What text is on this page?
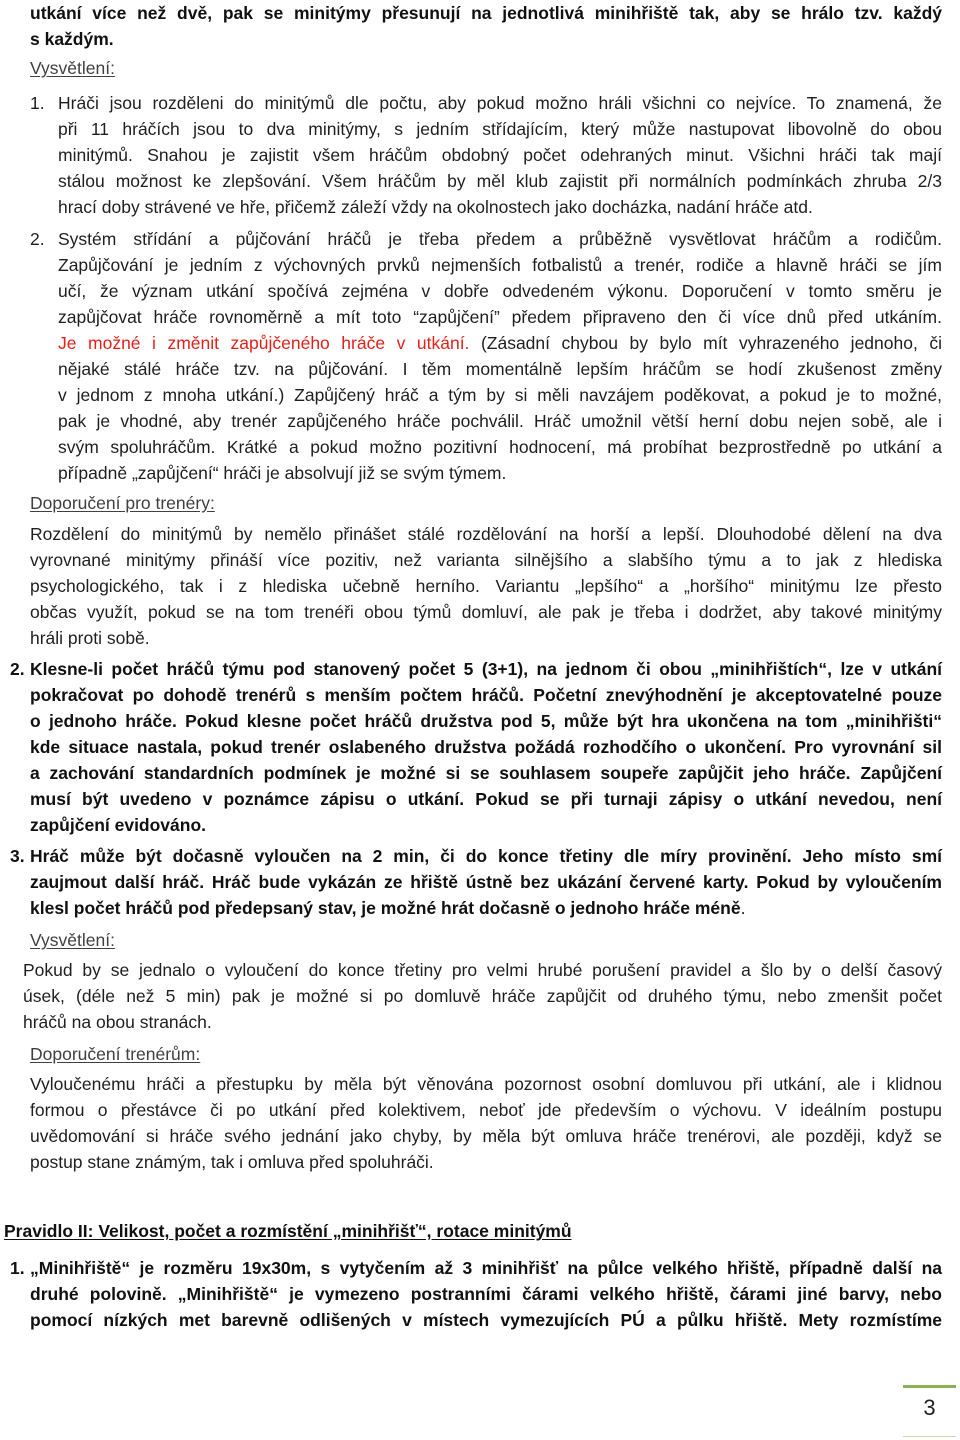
utkání více než dvě, pak se minitýmy přesunují na jednotlivá minihřiště tak, aby se hrálo tzv. každý
s každým.
Vysvětlení:
1. Hráči jsou rozděleni do minitýmů dle počtu, aby pokud možno hráli všichni co nejvíce. To znamená, že
při 11 hráčích jsou to dva minitýmy, s jedním střídajícím, který může nastupovat libovolně do obou
minitýmů. Snahou je zajistit všem hráčům obdobný počet odehraných minut. Všichni hráči tak mají
stálou možnost ke zlepšování. Všem hráčům by měl klub zajistit při normálních podmínkách zhruba 2/3
hrací doby strávené ve hře, přičemž záleží vždy na okolnostech jako docházka, nadání hráče atd.
2. Systém střídání a půjčování hráčů je třeba předem a průběžně vysvětlovat hráčům a rodičům.
Zapůjčování je jedním z výchovných prvků nejmenších fotbalistů a trenér, rodiče a hlavně hráči se jím
učí, že význam utkání spočívá zejména v dobře odvedeném výkonu. Doporučení v tomto směru je
zapůjčovat hráče rovnoměrně a mít toto “zapůjčení” předem připraveno den či více dnů před utkáním.
Je možné i změnit zapůjčeného hráče v utkání. (Zásadní chybou by bylo mít vyhrazeného jednoho, či
nějaké stálé hráče tzv. na půjčování. I těm momentálně lepším hráčům se hodí zkušenost změny
v jednom z mnoha utkání.) Zapůjčený hráč a tým by si měli navzájem poděkovat, a pokud je to možné,
pak je vhodné, aby trenér zapůjčeného hráče pochválil. Hráč umožnil větší herní dobu nejen sobě, ale i
svým spoluhráčům. Krátké a pokud možno pozitivní hodnocení, má probíhat bezprostředně po utkání a
případně „zapůjčení“ hráči je absolvují již se svým týmem.
Doporučení pro trenéry:
Rozdělení do minitýmů by nemělo přinášet stálé rozdělování na horší a lepší. Dlouhodobé dělení na dva
vyrovnané minitýmy přináší více pozitiv, než varianta silnějšího a slabšího týmu a to jak z hlediska
psychologického, tak i z hlediska učebně herního. Variantu „lepšího“ a „horšího“ minitýmu lze přesto
občas využít, pokud se na tom trenéři obou týmů domluví, ale pak je třeba i dodržet, aby takové minitýmy
hráli proti sobě.
2. Klesne-li počet hráčů týmu pod stanovený počet 5 (3+1), na jednom či obou „minihřištích“, lze v utkání
pokračovat po dohodě trenérů s menším počtem hráčů. Početní znevýhodnění je akceptovatelné pouze
o jednoho hráče. Pokud klesne počet hráčů družstva pod 5, může být hra ukončena na tom „minihřišti“
kde situace nastala, pokud trenér oslabeného družstva požádá rozhodčího o ukončení. Pro vyrovnání sil
a zachování standardních podmínek je možné si se souhlasem soupeře zapůjčit jeho hráče. Zapůjčení
musí být uvedeno v poznámce zápisu o utkání. Pokud se při turnaji zápisy o utkání nevedou, není
zapůjčení evidováno.
3. Hráč může být dočasně vyloučen na 2 min, či do konce třetiny dle míry provinění. Jeho místo smí
zaujmout další hráč. Hráč bude vykázán ze hřiště ústně bez ukázání červené karty. Pokud by vyloučením
klesl počet hráčů pod předepsaný stav, je možné hrát dočasně o jednoho hráče méně.
Vysvětlení:
Pokud by se jednalo o vyloučení do konce třetiny pro velmi hrubé porušení pravidel a šlo by o delší časový
úsek, (déle než 5 min) pak je možné si po domluvě hráče zapůjčit od druhého týmu, nebo zmenšit počet
hráčů na obou stranách.
Doporučení trenérům:
Vyloučenému hráči a přestupku by měla být věnována pozornost osobní domluvou při utkání, ale i klidnou
formou o přestávce či po utkání před kolektivem, neboť jde především o výchovu. V ideálním postupu
uvědomování si hráče svého jednání jako chyby, by měla být omluva hráče trenérovi, ale později, když se
postup stane známým, tak i omluva před spoluhráči.
Pravidlo II: Velikost, počet a rozmístění „minihřišť“, rotace minitýmů
1. „Minihřiště“ je rozměru 19x30m, s vytyčením až 3 minihřišť na půlce velkého hřiště, případně další na
druhé polovině. „Minihřiště“ je vymezeno postranními čárami velkého hřiště, čárami jiné barvy, nebo
pomocí nízkých met barevně odlišených v místech vymezujících PÚ a půlku hřiště. Mety rozmístíme
3
